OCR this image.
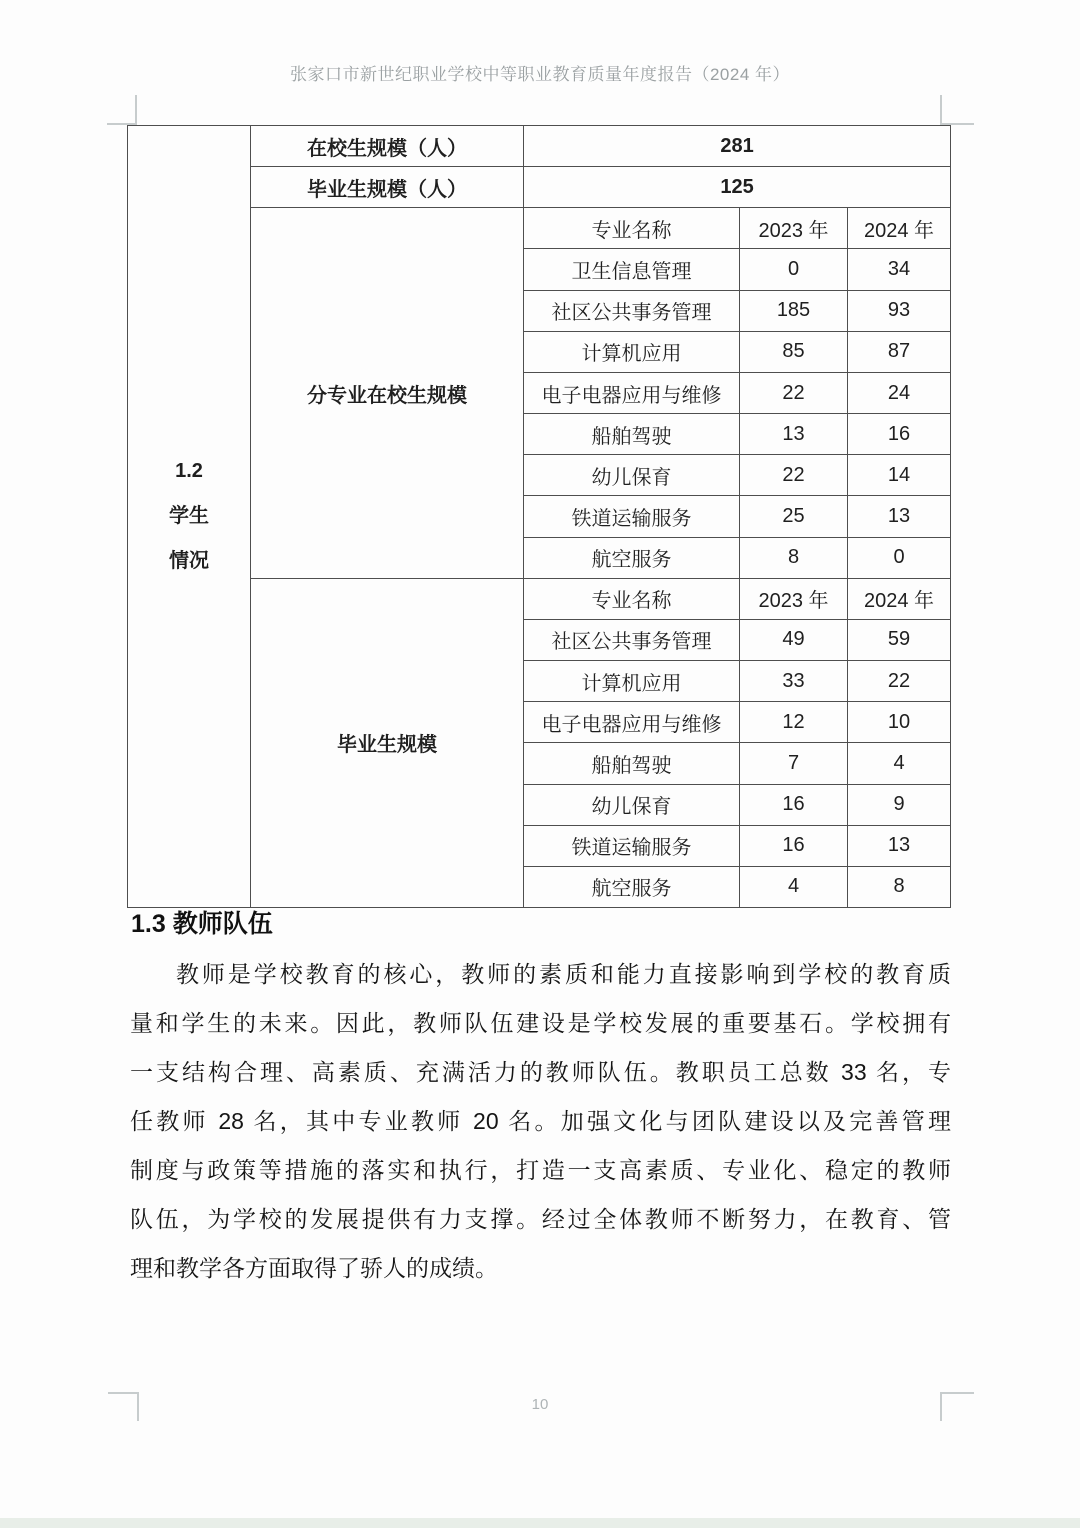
张家口市新世纪职业学校中等职业教育质量年度报告（2024 年）
1.2
学生
情况	在校生规模（人）	281		
	毕业生规模（人）	125		
	分专业在校生规模	专业名称	2023 年	2024 年
		卫生信息管理	0	34
		社区公共事务管理	185	93
		计算机应用	85	87
		电子电器应用与维修	22	24
		船舶驾驶	13	16
		幼儿保育	22	14
		铁道运输服务	25	13
		航空服务	8	0
	毕业生规模	专业名称	2023 年	2024 年
		社区公共事务管理	49	59
		计算机应用	33	22
		电子电器应用与维修	12	10
		船舶驾驶	7	4
		幼儿保育	16	9
		铁道运输服务	16	13
		航空服务	4	8
1.3 教师队伍
教师是学校教育的核心，教师的素质和能力直接影响到学校的教育质
量和学生的未来。因此，教师队伍建设是学校发展的重要基石。学校拥有
一支结构合理、高素质、充满活力的教师队伍。教职员工总数 33 名，专
任教师 28 名，其中专业教师 20 名。加强文化与团队建设以及完善管理
制度与政策等措施的落实和执行，打造一支高素质、专业化、稳定的教师
队伍，为学校的发展提供有力支撑。经过全体教师不断努力，在教育、管
理和教学各方面取得了骄人的成绩。
10
